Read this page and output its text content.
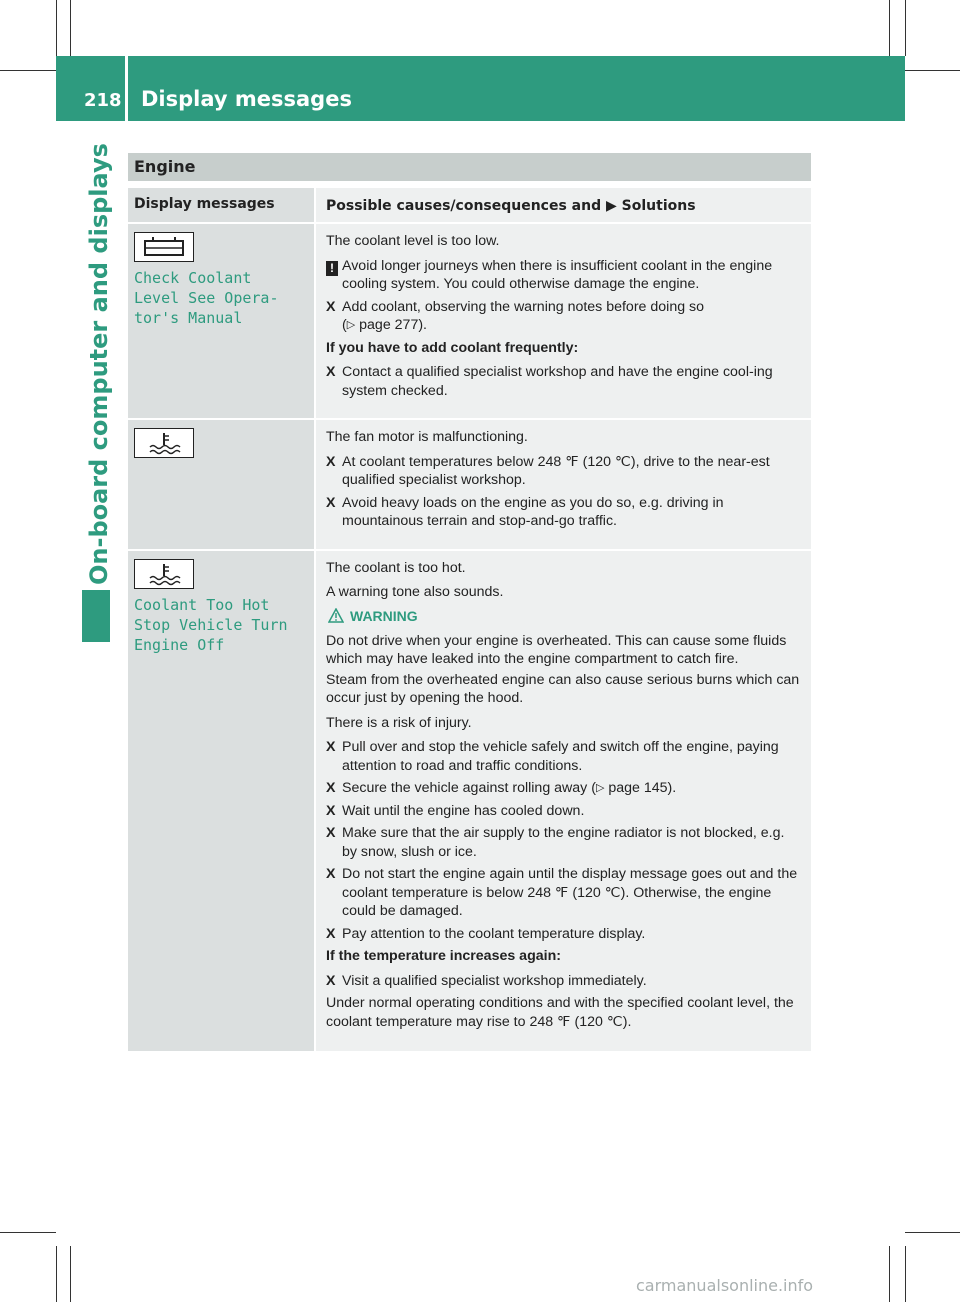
218 Display messages
On-board computer and displays	Engine
Display messages	Possible causes/consequences and ▶ Solutions
Check Coolant
Level See Opera‐
tor's Manual

The coolant level is too low.

! Avoid longer journeys when there is insufficient coolant in the engine cooling system. You could otherwise damage the engine.
X Add coolant, observing the warning notes before doing so
(▷ page 277).

If you have to add coolant frequently:

X Contact a qualified specialist workshop and have the engine cool-ing system checked.

The fan motor is malfunctioning.

X At coolant temperatures below 248 ℉ (120 ℃), drive to the near-est qualified specialist workshop.
X Avoid heavy loads on the engine as you do so, e.g. driving in mountainous terrain and stop-and-go traffic.
Coolant Too Hot
Stop Vehicle Turn
Engine Off

The coolant is too hot.

A warning tone also sounds.

WARNING

Do not drive when your engine is overheated. This can cause some fluids which may have leaked into the engine compartment to catch fire.

Steam from the overheated engine can also cause serious burns which can occur just by opening the hood.

There is a risk of injury.

X Pull over and stop the vehicle safely and switch off the engine, paying attention to road and traffic conditions.
X Secure the vehicle against rolling away (▷ page 145).
X Wait until the engine has cooled down.
X Make sure that the air supply to the engine radiator is not blocked, e.g. by snow, slush or ice.
X Do not start the engine again until the display message goes out and the coolant temperature is below 248 ℉ (120 ℃). Otherwise, the engine could be damaged.
X Pay attention to the coolant temperature display.

If the temperature increases again:

X Visit a qualified specialist workshop immediately.

Under normal operating conditions and with the specified coolant level, the coolant temperature may rise to 248 ℉ (120 ℃).

carmanualsonline.info
